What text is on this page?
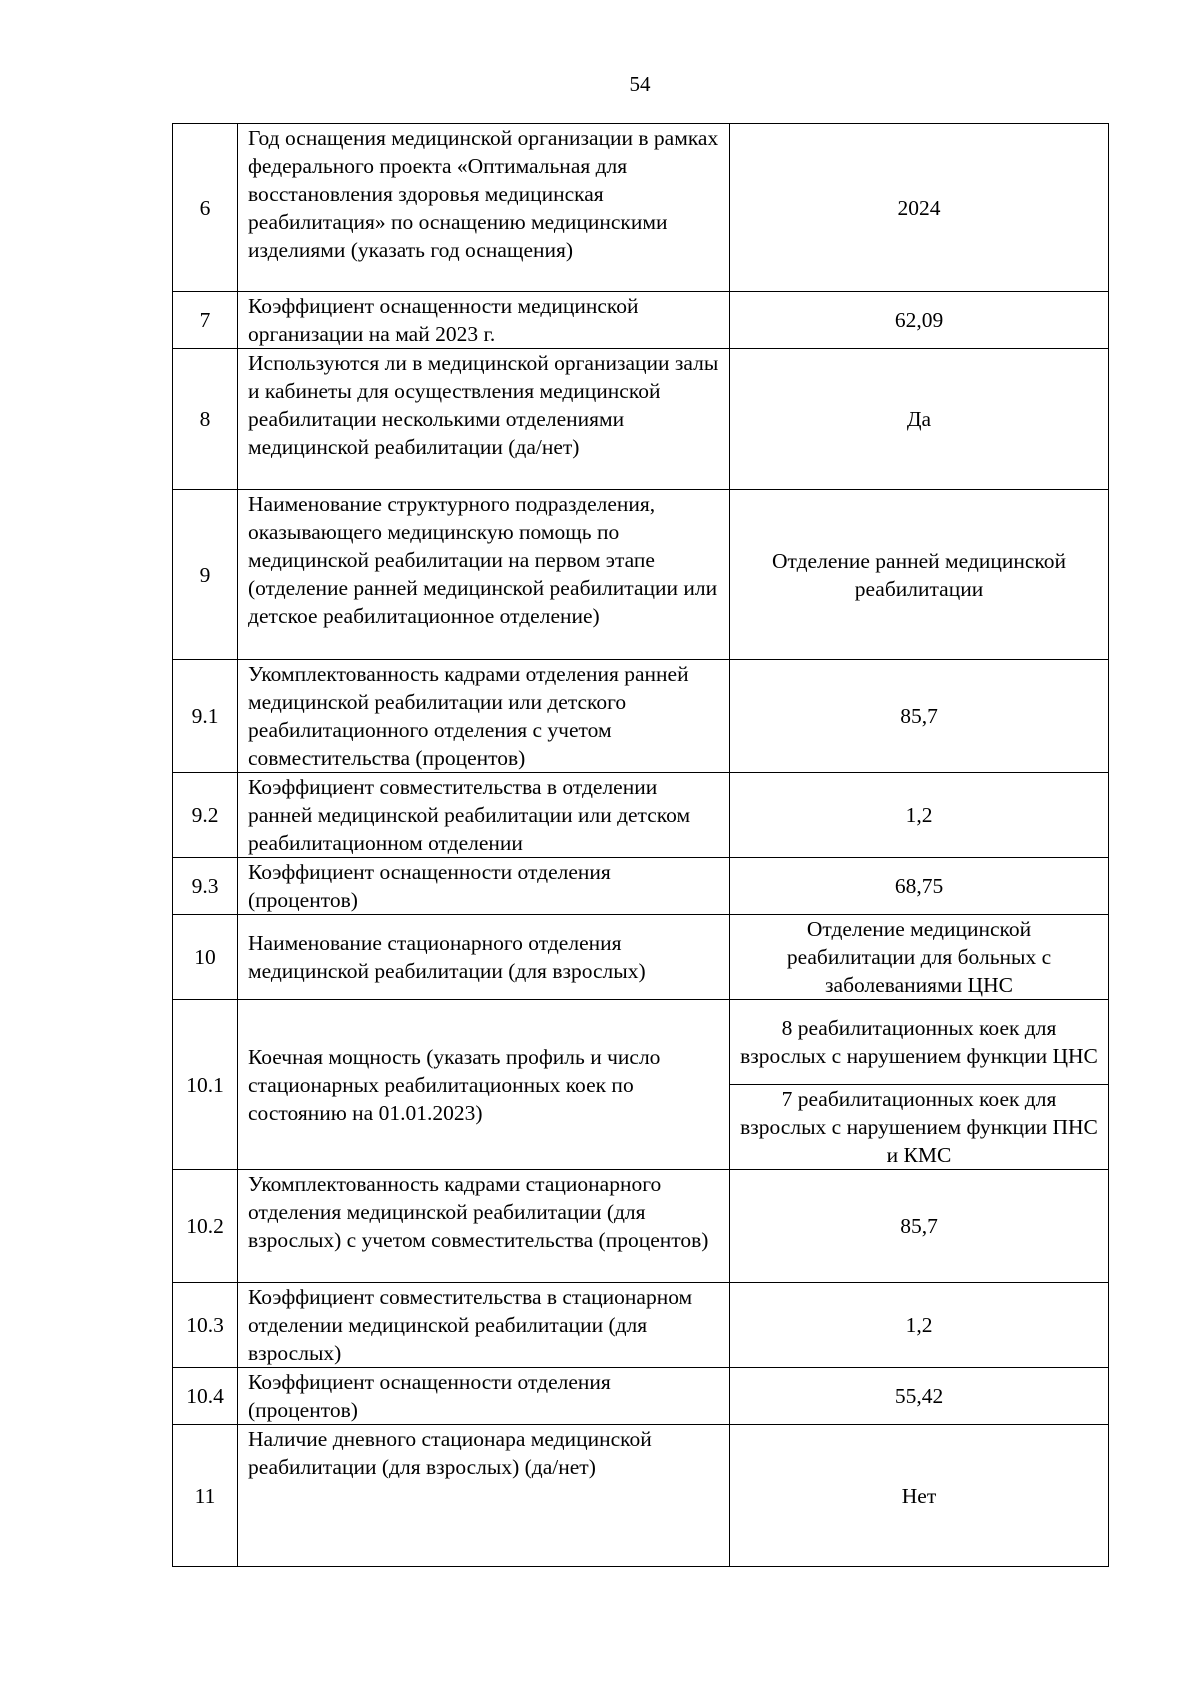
54
6	Год оснащения медицинской организации в рамках федерального проекта «Оптимальная для восстановления здоровья медицинская реабилитация» по оснащению медицинскими изделиями (указать год оснащения)	2024
7	Коэффициент оснащенности медицинской организации на май 2023 г.	62,09
8	Используются ли в медицинской организации залы и кабинеты для осуществления медицинской реабилитации несколькими отделениями медицинской реабилитации (да/нет)	Да
9	Наименование структурного подразделения, оказывающего медицинскую помощь по медицинской реабилитации на первом этапе (отделение ранней медицинской реабилитации или детское реабилитационное отделение)	Отделение ранней медицинской реабилитации
9.1	Укомплектованность кадрами отделения ранней медицинской реабилитации или детского реабилитационного отделения с учетом совместительства (процентов)	85,7
9.2	Коэффициент совместительства в отделении ранней медицинской реабилитации или детском реабилитационном отделении	1,2
9.3	Коэффициент оснащенности отделения (процентов)	68,75
10	Наименование стационарного отделения медицинской реабилитации (для взрослых)	Отделение медицинской реабилитации для больных с заболеваниями ЦНС
10.1	Коечная мощность (указать профиль и число стационарных реабилитационных коек по состоянию на 01.01.2023)	8 реабилитационных коек для взрослых с нарушением функции ЦНС
		7 реабилитационных коек для взрослых с нарушением функции ПНС и КМС
10.2	Укомплектованность кадрами стационарного отделения медицинской реабилитации (для взрослых) с учетом совместительства (процентов)	85,7
10.3	Коэффициент совместительства в стационарном отделении медицинской реабилитации (для взрослых)	1,2
10.4	Коэффициент оснащенности отделения (процентов)	55,42
11	Наличие дневного стационара медицинской реабилитации (для взрослых) (да/нет)	Нет
